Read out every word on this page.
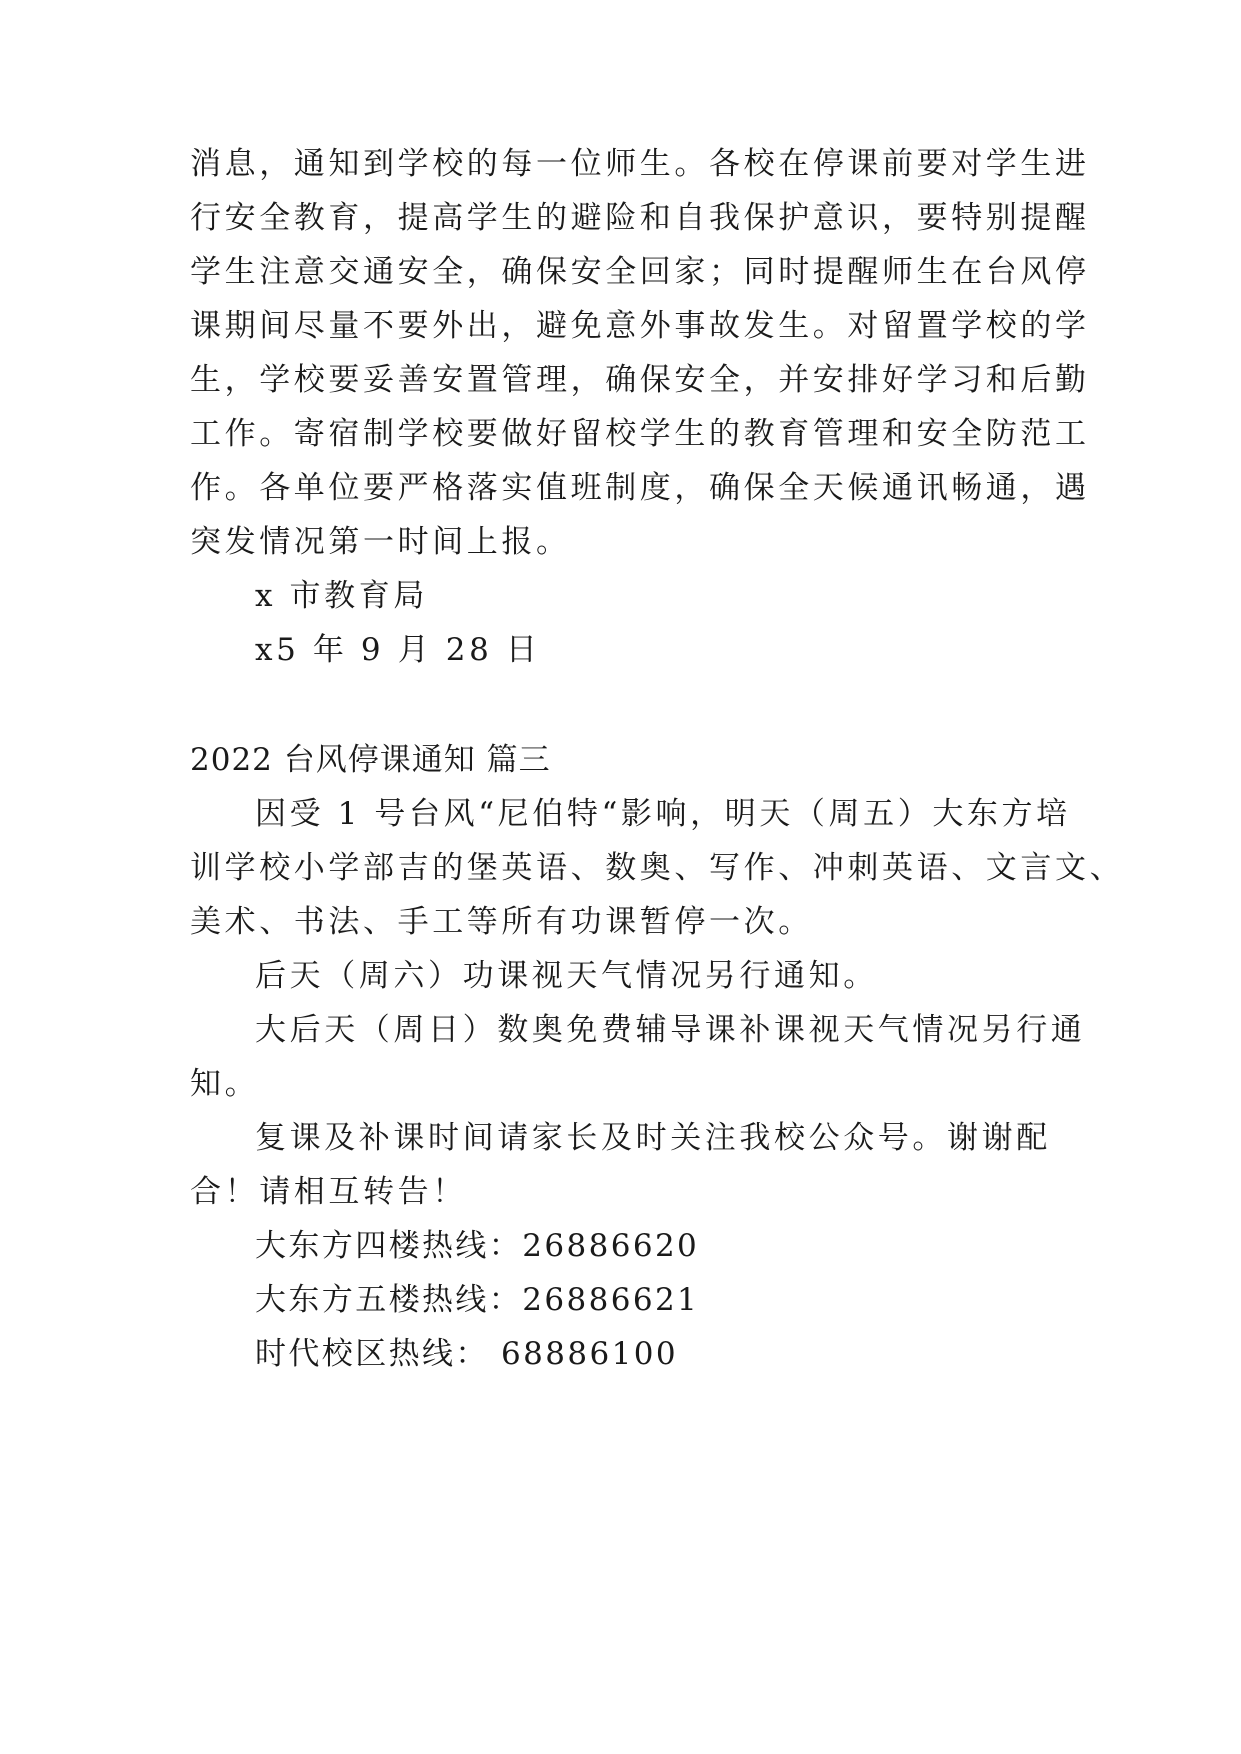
消息，通知到学校的每一位师生。各校在停课前要对学生进
行安全教育，提高学生的避险和自我保护意识，要特别提醒
学生注意交通安全，确保安全回家；同时提醒师生在台风停
课期间尽量不要外出，避免意外事故发生。对留置学校的学
生，学校要妥善安置管理，确保安全，并安排好学习和后勤
工作。寄宿制学校要做好留校学生的教育管理和安全防范工
作。各单位要严格落实值班制度，确保全天候通讯畅通，遇
突发情况第一时间上报。
x 市教育局
x5 年 9 月 28 日
2022 台风停课通知 篇三
因受 1 号台风“尼伯特“影响，明天（周五）大东方培
训学校小学部吉的堡英语、数奥、写作、冲刺英语、文言文、
美术、书法、手工等所有功课暂停一次。
后天（周六）功课视天气情况另行通知。
大后天（周日）数奥免费辅导课补课视天气情况另行通
知。
复课及补课时间请家长及时关注我校公众号。谢谢配
合！请相互转告！
大东方四楼热线：26886620
大东方五楼热线：26886621
时代校区热线： 68886100
